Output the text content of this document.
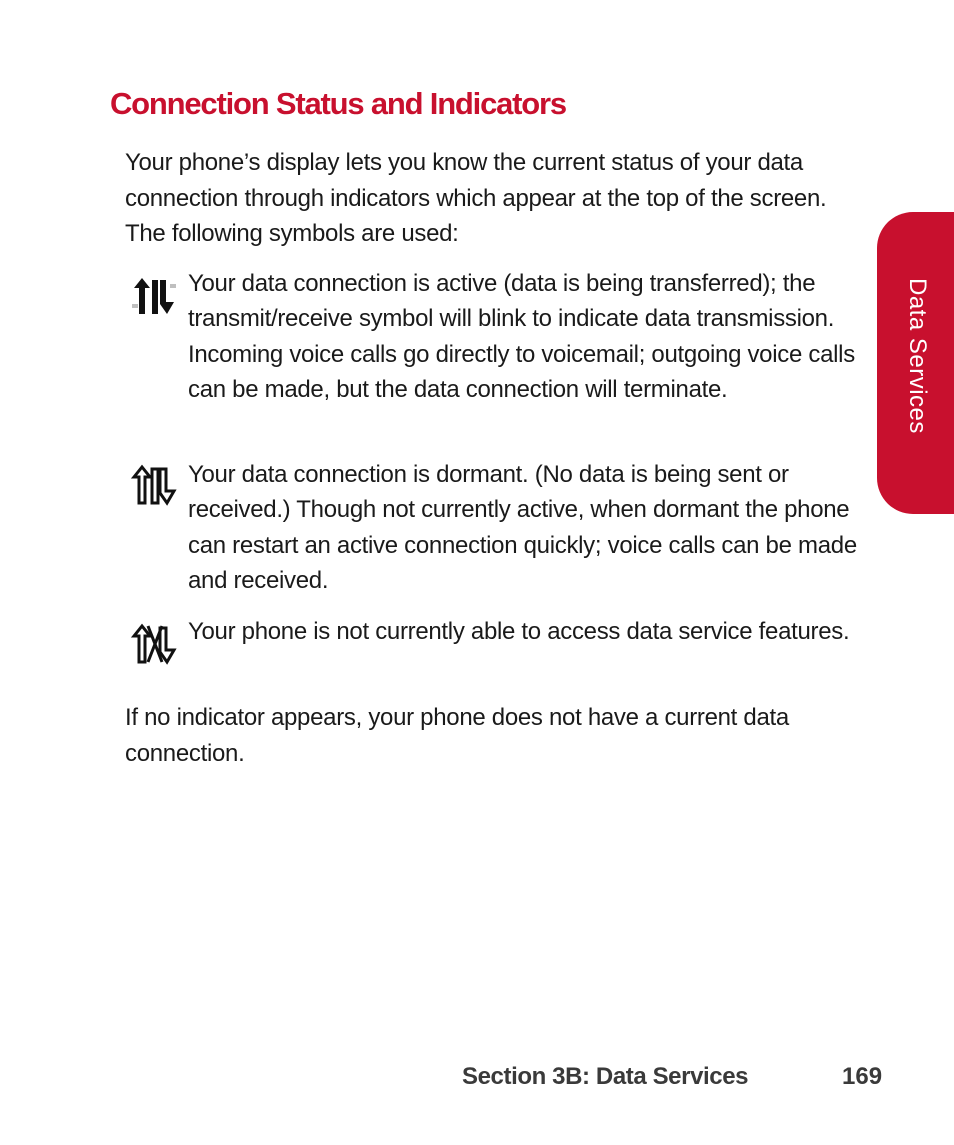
Connection Status and Indicators

Your phone’s display lets you know the current status of your data connection through indicators which appear at the top of the screen. The following symbols are used:

Your data connection is active (data is being transferred); the transmit/receive symbol will blink to indicate data transmission. Incoming voice calls go directly to voicemail; outgoing voice calls can be made, but the data connection will terminate.

Your data connection is dormant. (No data is being sent or received.) Though not currently active, when dormant the phone can restart an active connection quickly; voice calls can be made and received.

Your phone is not currently able to access data service features.

If no indicator appears, your phone does not have a current data connection.

Data Services
Section 3B: Data Services	169
